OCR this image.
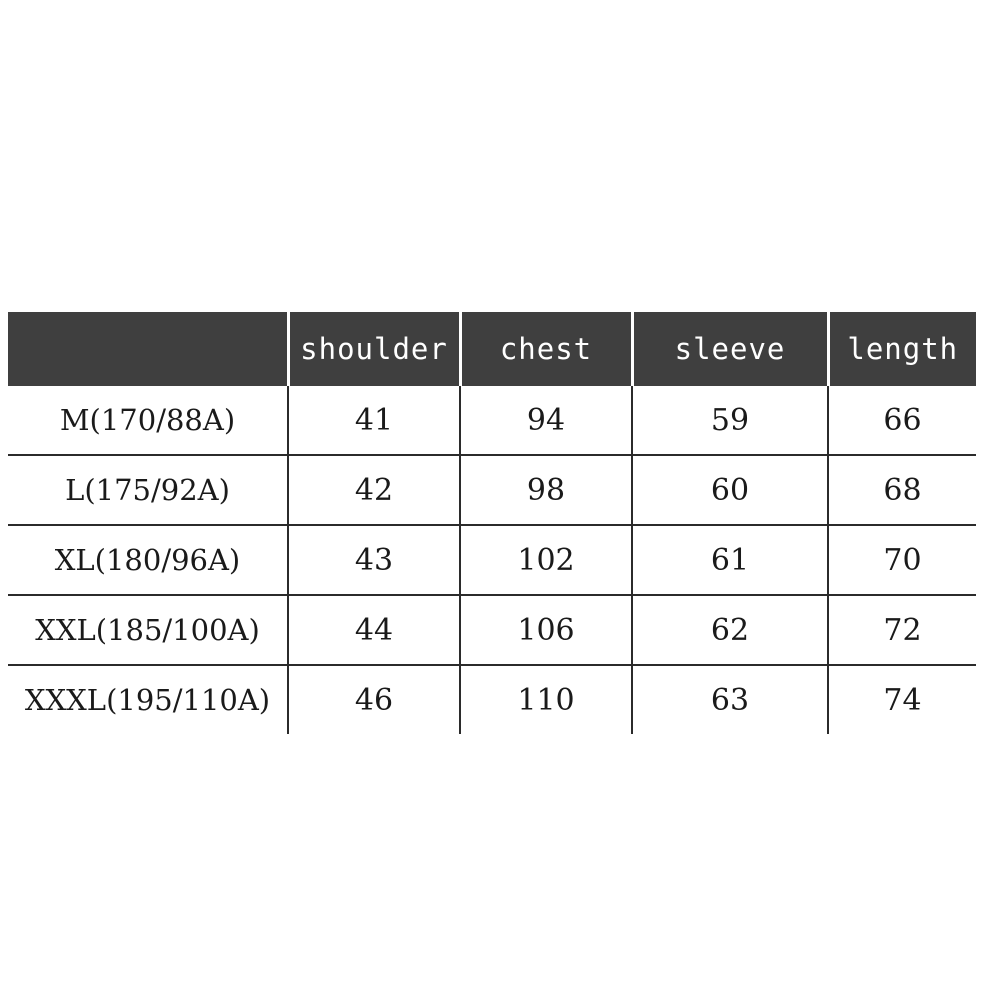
	shoulder	chest	sleeve	length
M(170/88A)	41	94	59	66
L(175/92A)	42	98	60	68
XL(180/96A)	43	102	61	70
XXL(185/100A)	44	106	62	72
XXXL(195/110A)	46	110	63	74
